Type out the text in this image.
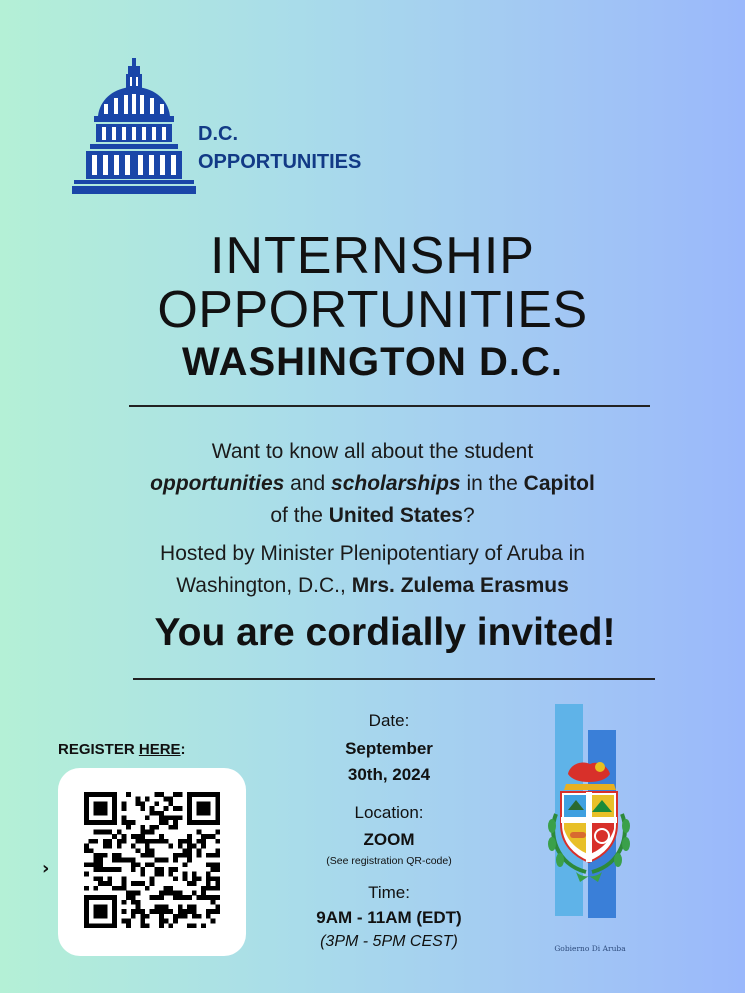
D.C.
OPPORTUNITIES
INTERNSHIP
OPPORTUNITIES
WASHINGTON D.C.
Want to know all about the student
opportunities and scholarships in the Capitol
of the United States?
Hosted by Minister Plenipotentiary of Aruba in
Washington, D.C., Mrs. Zulema Erasmus
You are cordially invited!
REGISTER HERE:
›
Date:
September
30th, 2024
Location:
ZOOM
(See registration QR-code)
Time:
9AM - 11AM (EDT)
(3PM - 5PM CEST)	Gobierno Di Aruba
